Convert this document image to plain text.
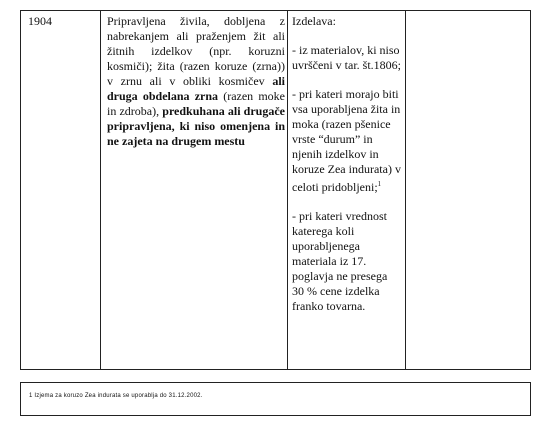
1904	Pripravljena živila, dobljena z nabrekanjem ali praženjem žit ali žitnih izdelkov (npr. koruzni kosmiči); žita (razen koruze (zrna)) v zrnu ali v obliki kosmičev ali druga obdelana zrna (razen moke in zdroba), predkuhana ali drugače pripravljena, ki niso omenjena in ne zajeta na drugem mestu

Izdelava:

- iz materialov, ki niso uvrščeni v tar. št.1806;

- pri kateri morajo biti vsa uporabljena žita in moka (razen pšenice vrste “durum” in njenih izdelkov in koruze Zea indurata) v celoti pridobljeni;$^1$

- pri kateri vrednost katerega koli uporabljenega materiala iz 17. poglavja ne presega 30 % cene izdelka franko tovarna.

1 Izjema za koruzo Zea indurata se uporablja do 31.12.2002.
